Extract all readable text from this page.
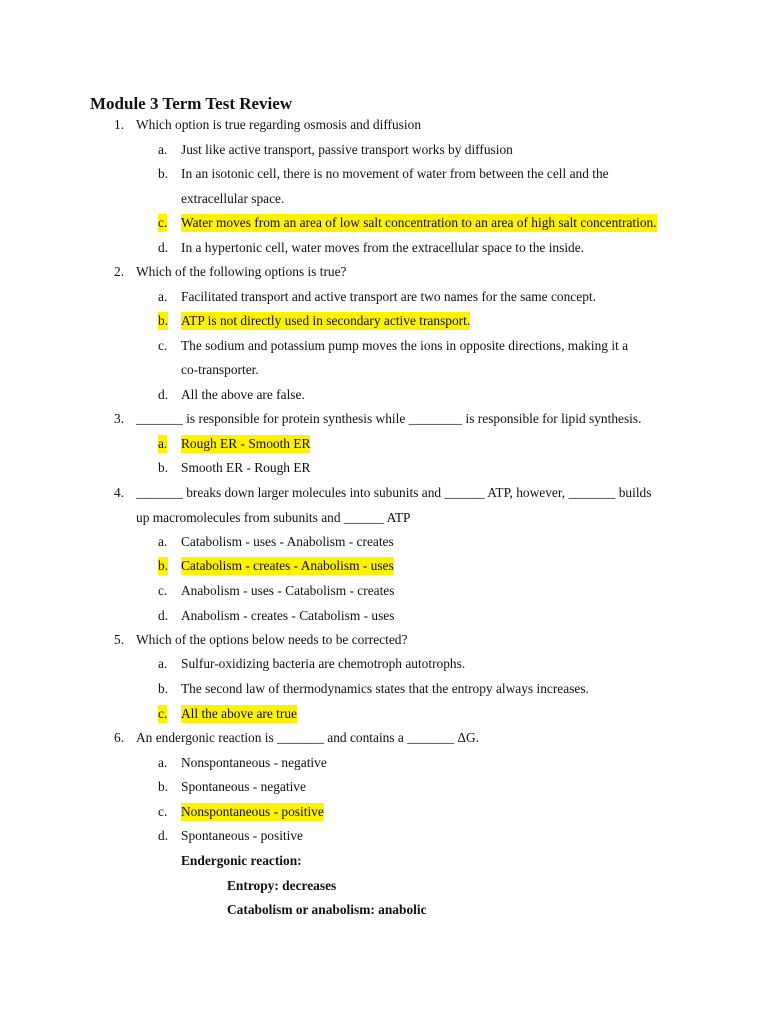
Module 3 Term Test Review
1. Which option is true regarding osmosis and diffusion
a. Just like active transport, passive transport works by diffusion
b. In an isotonic cell, there is no movement of water from between the cell and the
extracellular space.
c. Water moves from an area of low salt concentration to an area of high salt concentration.
d. In a hypertonic cell, water moves from the extracellular space to the inside.
2. Which of the following options is true?
a. Facilitated transport and active transport are two names for the same concept.
b. ATP is not directly used in secondary active transport.
c. The sodium and potassium pump moves the ions in opposite directions, making it a
co-transporter.
d. All the above are false.
3. _______ is responsible for protein synthesis while ________ is responsible for lipid synthesis.
a. Rough ER - Smooth ER
b. Smooth ER - Rough ER
4. _______ breaks down larger molecules into subunits and ______ ATP, however, _______ builds
up macromolecules from subunits and ______ ATP
a. Catabolism - uses - Anabolism - creates
b. Catabolism - creates - Anabolism - uses
c. Anabolism - uses - Catabolism - creates
d. Anabolism - creates - Catabolism - uses
5. Which of the options below needs to be corrected?
a. Sulfur-oxidizing bacteria are chemotroph autotrophs.
b. The second law of thermodynamics states that the entropy always increases.
c. All the above are true
6. An endergonic reaction is _______ and contains a _______ ΔG.
a. Nonspontaneous - negative
b. Spontaneous - negative
c. Nonspontaneous - positive
d. Spontaneous - positive
Endergonic reaction:
Entropy: decreases
Catabolism or anabolism: anabolic
